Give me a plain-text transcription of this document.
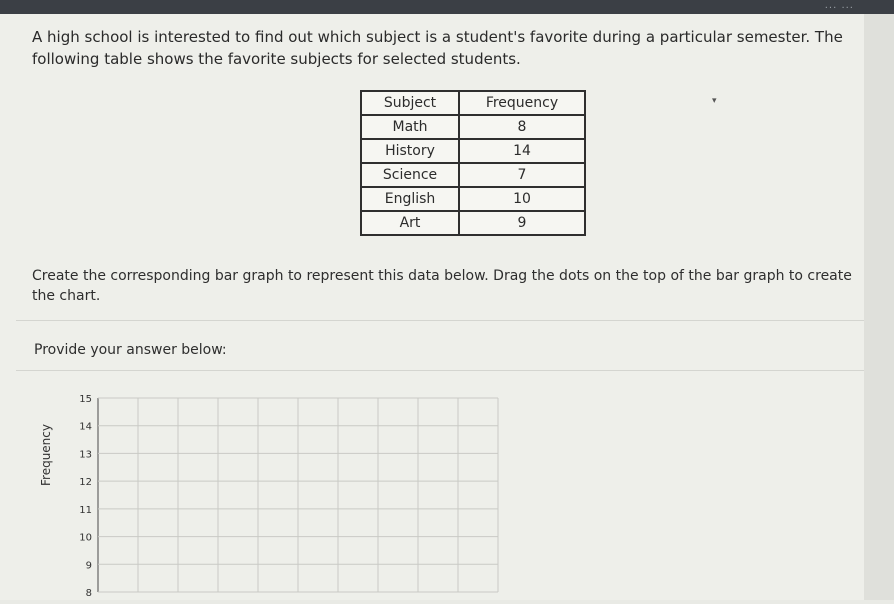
... ...
A high school is interested to find out which subject is a student's favorite during a particular semester. The following table shows the favorite subjects for selected students.
Subject	Frequency
Math	8
History	14
Science	7
English	10
Art	9
▾
Create the corresponding bar graph to represent this data below. Drag the dots on the top of the bar graph to create the chart.
Provide your answer below:
8
9
10
11
12
13
14
15
Frequency
